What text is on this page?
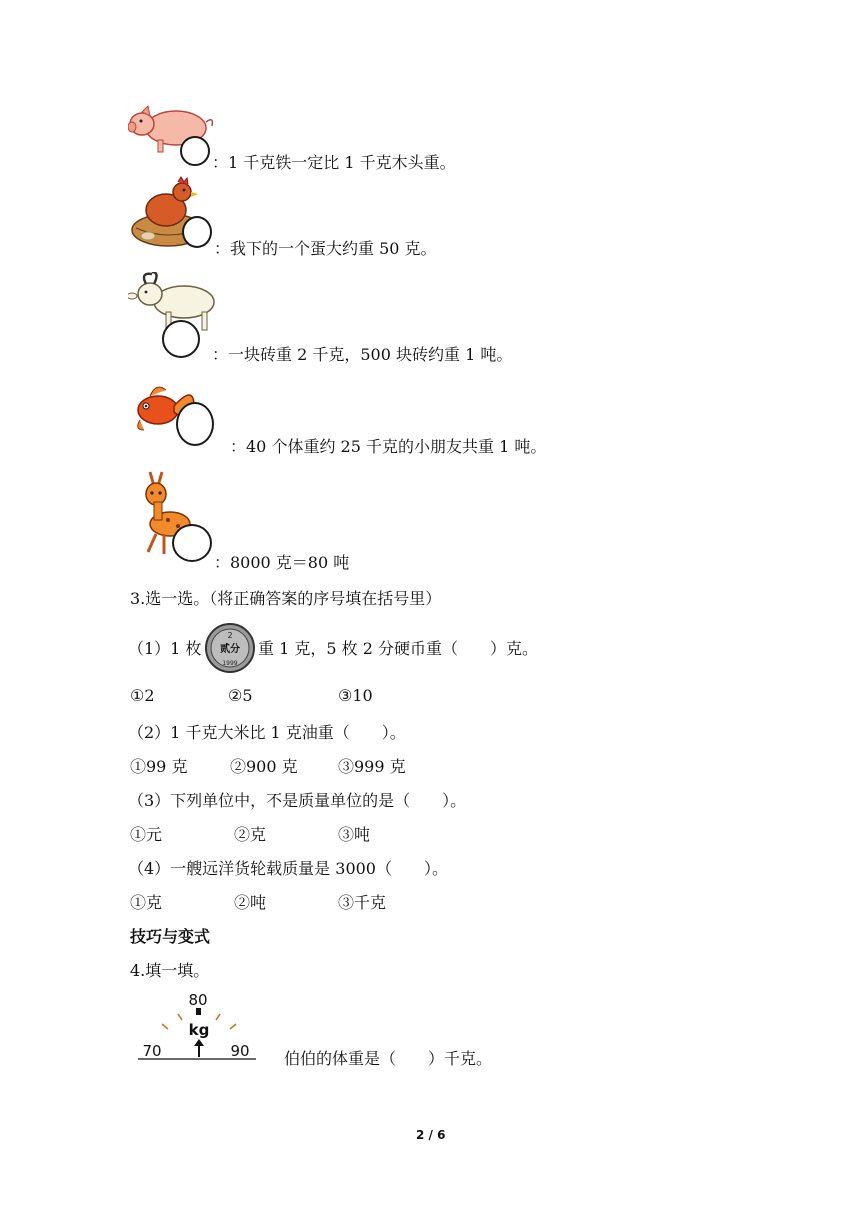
：1 千克铁一定比 1 千克木头重。
：我下的一个蛋大约重 50 克。
：一块砖重 2 千克，500 块砖约重 1 吨。
：40 个体重约 25 千克的小朋友共重 1 吨。
：8000 克＝80 吨
3.选一选。（将正确答案的序号填在括号里）
（1）1 枚
2
贰分
1999
重 1 克，5 枚 2 分硬币重（　　）克。
①2	②5	③10
（2）1 千克大米比 1 克油重（　　）。
①99 克	②900 克	③999 克
（3）下列单位中，不是质量单位的是（　　）。
①元	②克	③吨
（4）一艘远洋货轮载质量是 3000（　　）。
①克	②吨	③千克
技巧与变式
4.填一填。
80
kg
70	90 伯伯的体重是（　　）千克。
2 / 6
